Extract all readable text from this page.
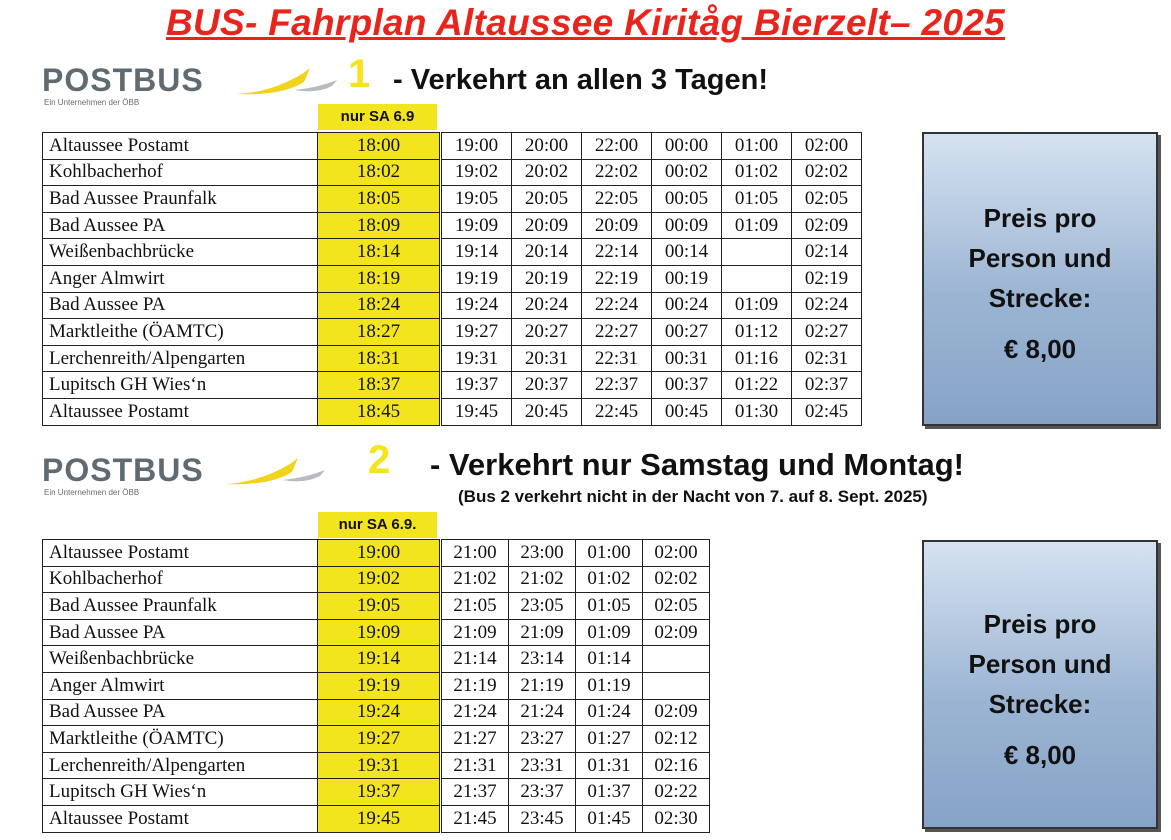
BUS- Fahrplan Altaussee Kiritåg Bierzelt– 2025
POSTBUS
Ein Unternehmen der ÖBB
1 - Verkehrt an allen 3 Tagen!
nur SA 6.9
Altaussee Postamt	18:00		19:00	20:00	22:00	00:00	01:00	02:00
Kohlbacherhof	18:02		19:02	20:02	22:02	00:02	01:02	02:02
Bad Aussee Praunfalk	18:05		19:05	20:05	22:05	00:05	01:05	02:05
Bad Aussee PA	18:09		19:09	20:09	20:09	00:09	01:09	02:09
Weißenbachbrücke	18:14		19:14	20:14	22:14	00:14		02:14
Anger Almwirt	18:19		19:19	20:19	22:19	00:19		02:19
Bad Aussee PA	18:24		19:24	20:24	22:24	00:24	01:09	02:24
Marktleithe (ÖAMTC)	18:27		19:27	20:27	22:27	00:27	01:12	02:27
Lerchenreith/Alpengarten	18:31		19:31	20:31	22:31	00:31	01:16	02:31
Lupitsch GH Wies‘n	18:37		19:37	20:37	22:37	00:37	01:22	02:37
Altaussee Postamt	18:45		19:45	20:45	22:45	00:45	01:30	02:45
Preis pro
Person und
Strecke:
€ 8,00
POSTBUS
Ein Unternehmen der ÖBB
2 - Verkehrt nur Samstag und Montag!
(Bus 2 verkehrt nicht in der Nacht von 7. auf 8. Sept. 2025)
nur SA 6.9.
Altaussee Postamt	19:00		21:00	23:00	01:00	02:00
Kohlbacherhof	19:02		21:02	21:02	01:02	02:02
Bad Aussee Praunfalk	19:05		21:05	23:05	01:05	02:05
Bad Aussee PA	19:09		21:09	21:09	01:09	02:09
Weißenbachbrücke	19:14		21:14	23:14	01:14	
Anger Almwirt	19:19		21:19	21:19	01:19	
Bad Aussee PA	19:24		21:24	21:24	01:24	02:09
Marktleithe (ÖAMTC)	19:27		21:27	23:27	01:27	02:12
Lerchenreith/Alpengarten	19:31		21:31	23:31	01:31	02:16
Lupitsch GH Wies‘n	19:37		21:37	23:37	01:37	02:22
Altaussee Postamt	19:45		21:45	23:45	01:45	02:30
Preis pro
Person und
Strecke:
€ 8,00
